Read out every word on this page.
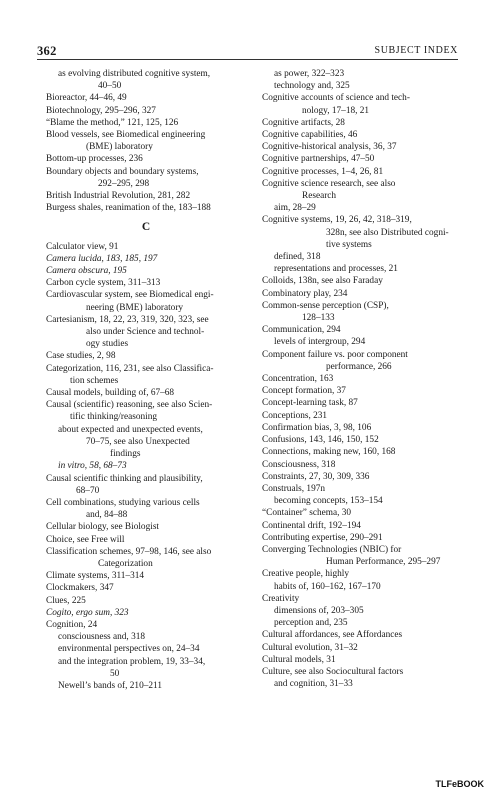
362	SUBJECT INDEX
as evolving distributed cognitive system,
40–50
Bioreactor, 44–46, 49
Biotechnology, 295–296, 327
“Blame the method,” 121, 125, 126
Blood vessels, see Biomedical engineering
(BME) laboratory
Bottom-up processes, 236
Boundary objects and boundary systems,
292–295, 298
British Industrial Revolution, 281, 282
Burgess shales, reanimation of the, 183–188
C
Calculator view, 91
Camera lucida, 183, 185, 197
Camera obscura, 195
Carbon cycle system, 311–313
Cardiovascular system, see Biomedical engi-
neering (BME) laboratory
Cartesianism, 18, 22, 23, 319, 320, 323, see
also under Science and technol-
ogy studies
Case studies, 2, 98
Categorization, 116, 231, see also Classifica-
tion schemes
Causal models, building of, 67–68
Causal (scientific) reasoning, see also Scien-
tific thinking/reasoning
about expected and unexpected events,
70–75, see also Unexpected
findings
in vitro, 58, 68–73
Causal scientific thinking and plausibility,
68–70
Cell combinations, studying various cells
and, 84–88
Cellular biology, see Biologist
Choice, see Free will
Classification schemes, 97–98, 146, see also
Categorization
Climate systems, 311–314
Clockmakers, 347
Clues, 225
Cogito, ergo sum, 323
Cognition, 24
consciousness and, 318
environmental perspectives on, 24–34
and the integration problem, 19, 33–34,
50
Newell’s bands of, 210–211
as power, 322–323
technology and, 325
Cognitive accounts of science and tech-
nology, 17–18, 21
Cognitive artifacts, 28
Cognitive capabilities, 46
Cognitive-historical analysis, 36, 37
Cognitive partnerships, 47–50
Cognitive processes, 1–4, 26, 81
Cognitive science research, see also
Research
aim, 28–29
Cognitive systems, 19, 26, 42, 318–319,
328n, see also Distributed cogni-
tive systems
defined, 318
representations and processes, 21
Colloids, 138n, see also Faraday
Combinatory play, 234
Common-sense perception (CSP),
128–133
Communication, 294
levels of intergroup, 294
Component failure vs. poor component
performance, 266
Concentration, 163
Concept formation, 37
Concept-learning task, 87
Conceptions, 231
Confirmation bias, 3, 98, 106
Confusions, 143, 146, 150, 152
Connections, making new, 160, 168
Consciousness, 318
Constraints, 27, 30, 309, 336
Construals, 197n
becoming concepts, 153–154
“Container” schema, 30
Continental drift, 192–194
Contributing expertise, 290–291
Converging Technologies (NBIC) for
Human Performance, 295–297
Creative people, highly
habits of, 160–162, 167–170
Creativity
dimensions of, 203–305
perception and, 235
Cultural affordances, see Affordances
Cultural evolution, 31–32
Cultural models, 31
Culture, see also Sociocultural factors
and cognition, 31–33
TLFeBOOK
